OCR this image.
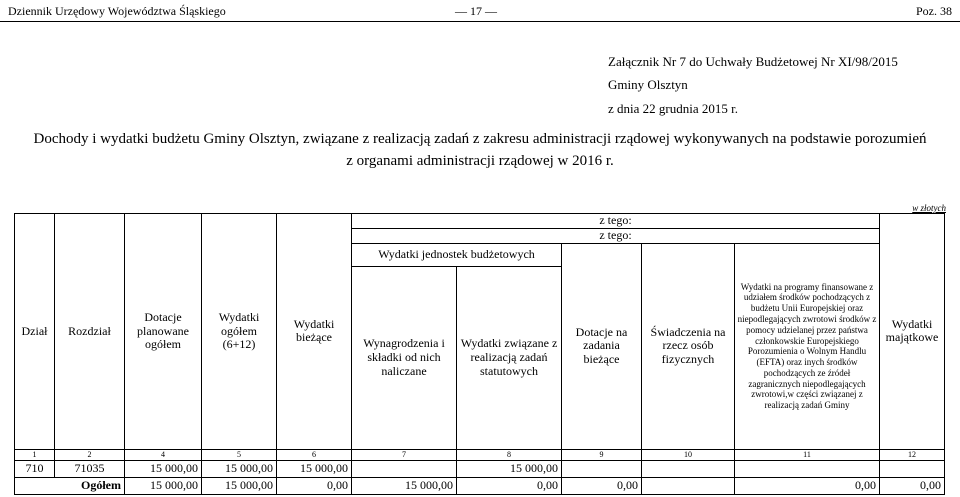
Dziennik Urzędowy Województwa Śląskiego	— 17 —	Poz. 38
Załącznik Nr 7 do Uchwały Budżetowej Nr XI/98/2015
Gminy Olsztyn
z dnia 22 grudnia 2015 r.
Dochody i wydatki budżetu Gminy Olsztyn, związane z realizacją zadań z zakresu administracji rządowej wykonywanych na podstawie porozumień
z organami administracji rządowej w 2016 r.
w złotych
Dział	Rozdział	Dotacje planowane ogółem	Wydatki ogółem (6+12)	Wydatki bieżące	z tego:					Wydatki majątkowe
					z tego:					
					Wydatki jednostek budżetowych		Dotacje na zadania bieżące	Świadczenia na rzecz osób fizycznych	Wydatki na programy finansowane z udziałem środków pochodzących z budżetu Unii Europejskiej oraz niepodlegających zwrotowi środków z pomocy udzielanej przez państwa członkowskie Europejskiego Porozumienia o Wolnym Handlu (EFTA) oraz inych środków pochodzących ze źródeł zagranicznych niepodlegających zwrotowi,w części związanej z realizacją zadań Gminy	
					Wynagrodzenia i składki od nich naliczane	Wydatki związane z realizacją zadań statutowych				
1	2	4	5	6	7	8	9	10	11	12
710	71035	15 000,00	15 000,00	15 000,00		15 000,00				
Ogółem		15 000,00	15 000,00	0,00	15 000,00	0,00	0,00		0,00	0,00
